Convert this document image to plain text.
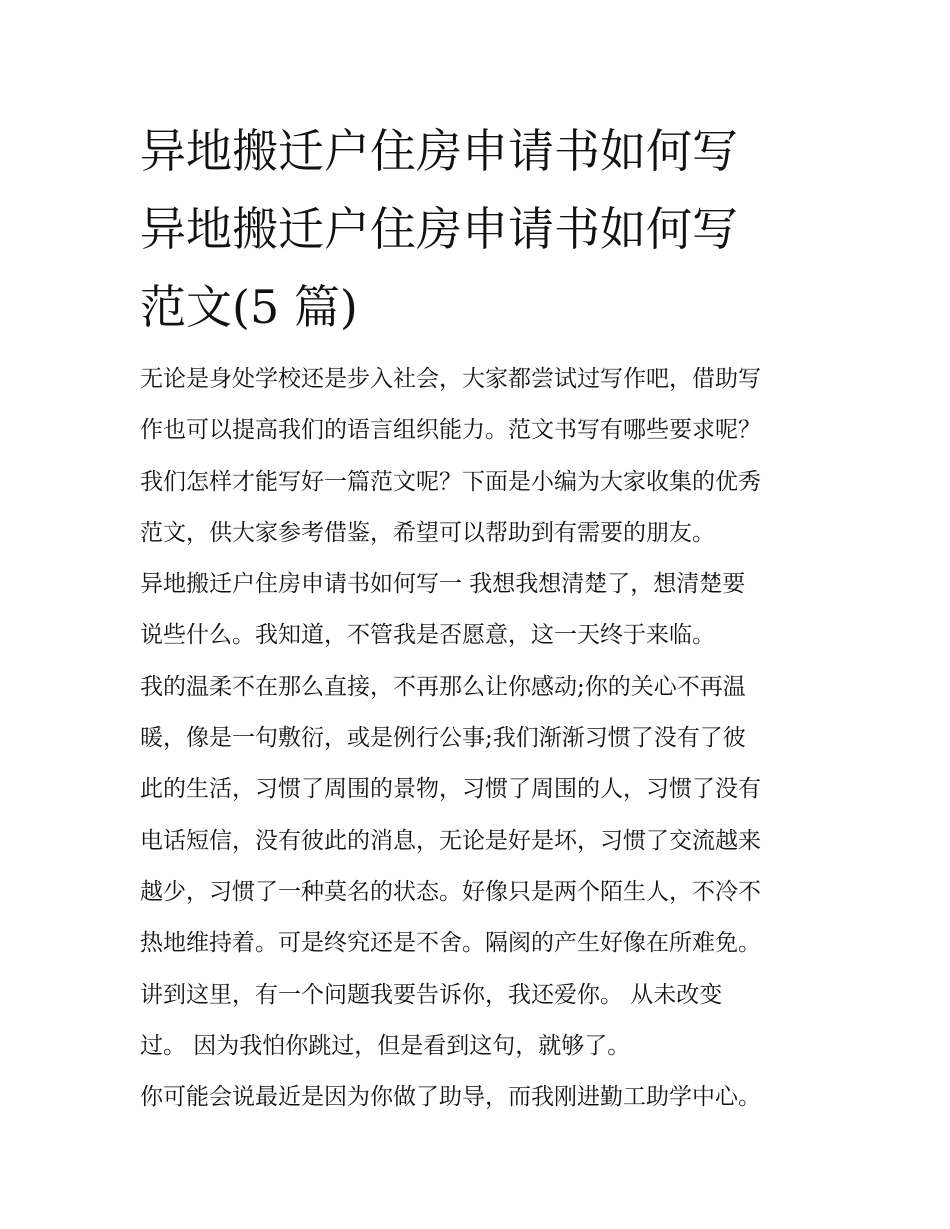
异地搬迁户住房申请书如何写
异地搬迁户住房申请书如何写
范文(5 篇)
无论是身处学校还是步入社会，大家都尝试过写作吧，借助写
作也可以提高我们的语言组织能力。范文书写有哪些要求呢？
我们怎样才能写好一篇范文呢？下面是小编为大家收集的优秀
范文，供大家参考借鉴，希望可以帮助到有需要的朋友。
异地搬迁户住房申请书如何写一 我想我想清楚了，想清楚要
说些什么。我知道，不管我是否愿意，这一天终于来临。
我的温柔不在那么直接，不再那么让你感动;你的关心不再温
暖，像是一句敷衍，或是例行公事;我们渐渐习惯了没有了彼
此的生活，习惯了周围的景物，习惯了周围的人，习惯了没有
电话短信，没有彼此的消息，无论是好是坏，习惯了交流越来
越少，习惯了一种莫名的状态。好像只是两个陌生人，不冷不
热地维持着。可是终究还是不舍。隔阂的产生好像在所难免。
讲到这里，有一个问题我要告诉你，我还爱你。 从未改变
过。 因为我怕你跳过，但是看到这句，就够了。
你可能会说最近是因为你做了助导，而我刚进勤工助学中心。
